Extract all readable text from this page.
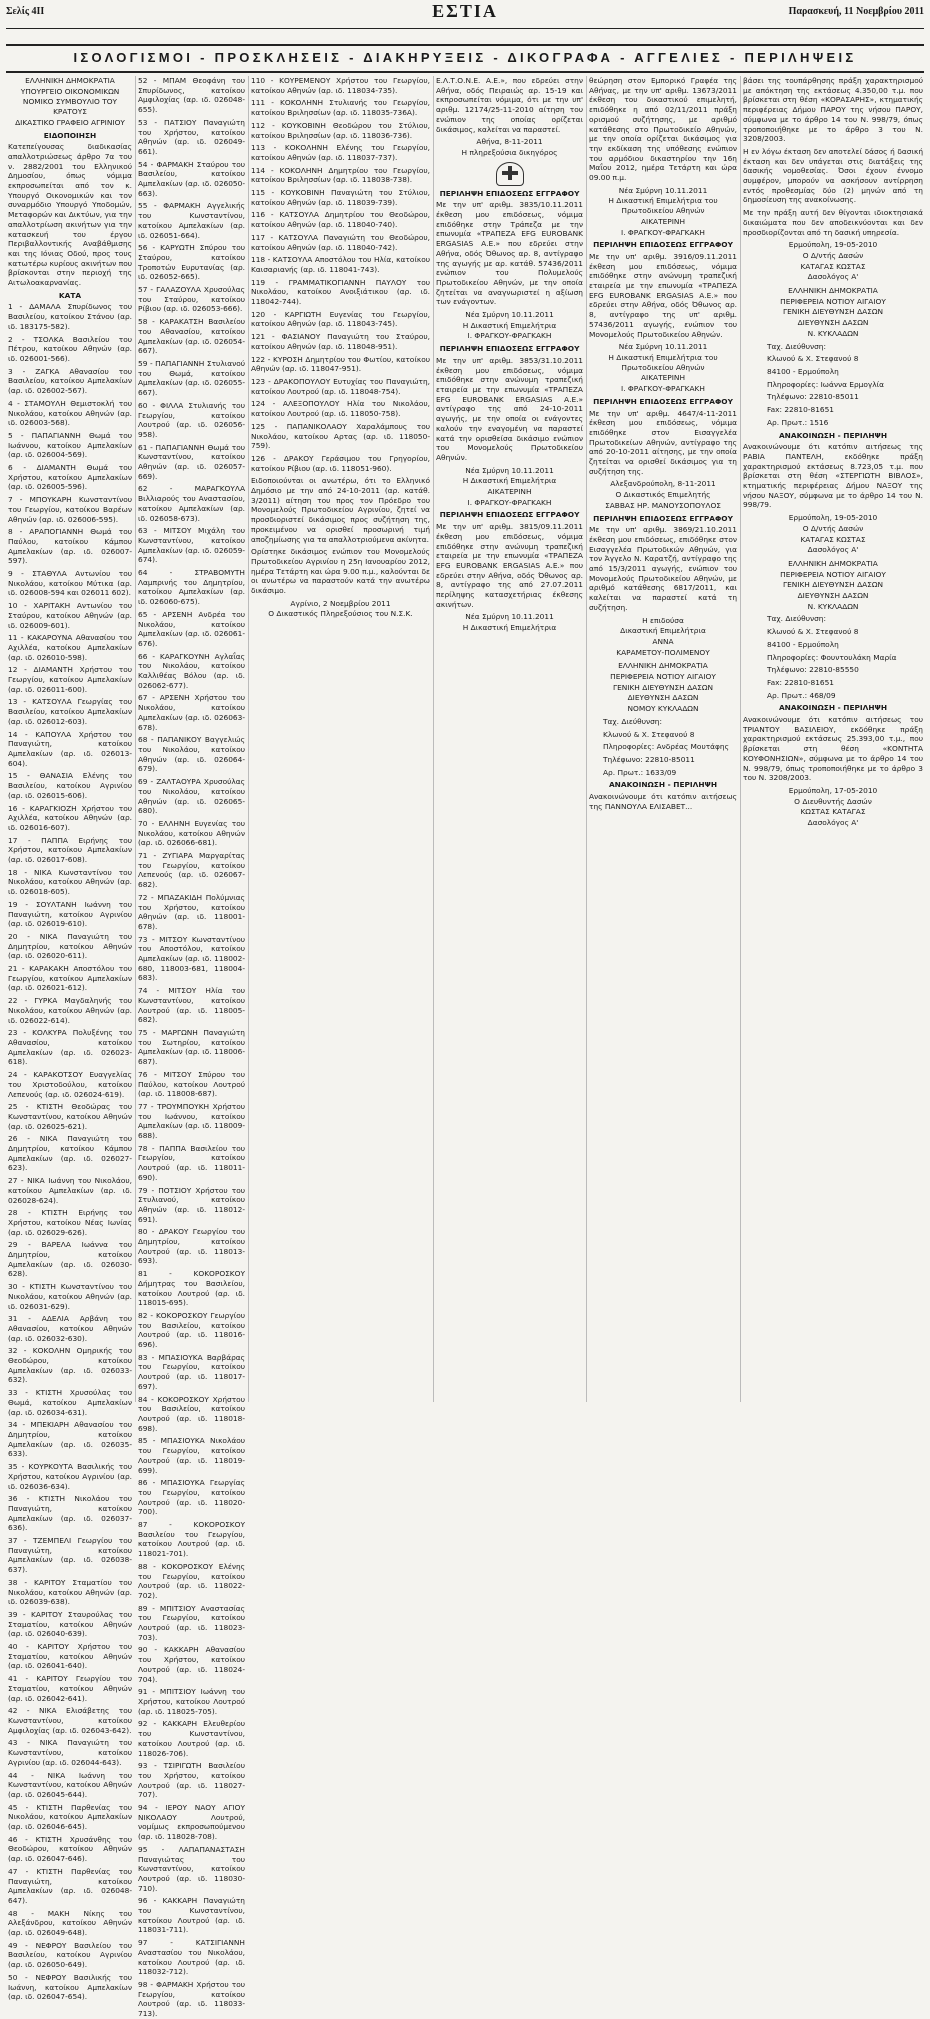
Σελίς 4ΙΙ	ΕΣΤΙΑ	Παρασκευή, 11 Νοεμβρίου 2011
ΙΣΟΛΟΓΙΣΜΟΙ - ΠΡΟΣΚΛΗΣΕΙΣ - ΔΙΑΚΗΡΥΞΕΙΣ - ΔΙΚΟΓΡΑΦΑ - ΑΓΓΕΛΙΕΣ - ΠΕΡΙΛΗΨΕΙΣ

ΕΛΛΗΝΙΚΗ ΔΗΜΟΚΡΑΤΙΑ

ΥΠΟΥΡΓΕΙΟ ΟΙΚΟΝΟΜΙΚΩΝ

ΝΟΜΙΚΟ ΣΥΜΒΟΥΛΙΟ ΤΟΥ ΚΡΑΤΟΥΣ

ΔΙΚΑΣΤΙΚΟ ΓΡΑΦΕΙΟ ΑΓΡΙΝΙΟΥ

ΕΙΔΟΠΟΙΗΣΗ

Κατεπείγουσας διαδικασίας απαλλοτριώσεως άρθρο 7α του ν. 2882/2001 του Ελληνικού Δημοσίου, όπως νόμιμα εκπροσωπείται από τον κ. Υπουργό Οικονομικών και τον συναρμόδιο Υπουργό Υποδομών, Μεταφορών και Δικτύων, για την απαλλοτρίωση ακινήτων για την κατασκευή του έργου Περιβαλλοντικής Αναβάθμισης και της Ιόνιας Οδού, προς τους κατωτέρω κυρίους ακινήτων που βρίσκονται στην περιοχή της Αιτωλοακαρνανίας.

ΚΑΤΑ

1 - ΔΑΜΑΛΑ Σπυρίδωνος του Βασιλείου, κατοίκου Στάνου (αρ. ιδ. 183175-582).

2 - ΤΣΟΛΚΑ Βασιλείου του Πέτρου, κατοίκου Αθηνών (αρ. ιδ. 026001-566).

3 - ΖΑΓΚΑ Αθανασίου του Βασιλείου, κατοίκου Αμπελακίων (αρ. ιδ. 026002-567).

4 - ΣΤΑΜΟΥΛΗ Θεμιστοκλή του Νικολάου, κατοίκου Αθηνών (αρ. ιδ. 026003-568).

5 - ΠΑΠΑΓΙΑΝΝΗ Θωμά του Ιωάννου, κατοίκου Αμπελακίων (αρ. ιδ. 026004-569).

6 - ΔΙΑΜΑΝΤΗ Θωμά του Χρήστου, κατοίκου Αμπελακίων (αρ. ιδ. 026005-596).

7 - ΜΠΟΥΚΑΡΗ Κωνσταντίνου του Γεωργίου, κατοίκου Βαρέων Αθηνών (αρ. ιδ. 026006-595).

8 - ΑΡΑΠΟΓΙΑΝΝΗ Θωμά του Παύλου, κατοίκου Κάμπου Αμπελακίων (αρ. ιδ. 026007-597).

9 - ΣΤΑΘΥΛΑ Αντωνίου του Νικολάου, κατοίκου Μύτικα (αρ. ιδ. 026008-594 και 026011 602).

10 - ΧΑΡΙΤΑΚΗ Αντωνίου του Σταύρου, κατοίκου Αθηνών (αρ. ιδ. 026009-601).

11 - ΚΑΚΑΡΟΥΝΑ Αθανασίου του Αχιλλέα, κατοίκου Αμπελακίων (αρ. ιδ. 026010-598).

12 - ΔΙΑΜΑΝΤΗ Χρήστου του Γεωργίου, κατοίκου Αμπελακίων (αρ. ιδ. 026011-600).

13 - ΚΑΤΣΟΥΛΑ Γεωργίας του Βασιλείου, κατοίκου Αμπελακίων (αρ. ιδ. 026012-603).

14 - ΚΑΠΟΥΛΑ Χρήστου του Παναγιώτη, κατοίκου Αμπελακίων (αρ. ιδ. 026013-604).

15 - ΘΑΝΑΣΙΑ Ελένης του Βασιλείου, κατοίκου Αγρινίου (αρ. ιδ. 026015-606).

16 - ΚΑΡΑΓΚΙΟΖΗ Χρήστου του Αχιλλέα, κατοίκου Αθηνών (αρ. ιδ. 026016-607).

17 - ΠΑΠΠΑ Ειρήνης του Χρήστου, κατοίκου Αμπελακίων (αρ. ιδ. 026017-608).

18 - ΝΙΚΑ Κωνσταντίνου του Νικολάου, κατοίκου Αθηνών (αρ. ιδ. 026018-605).

19 - ΣΟΥΛΤΑΝΗ Ιωάννη του Παναγιώτη, κατοίκου Αγρινίου (αρ. ιδ. 026019-610).

20 - ΝΙΚΑ Παναγιώτη του Δημητρίου, κατοίκου Αθηνών (αρ. ιδ. 026020-611).

21 - ΚΑΡΑΚΑΚΗ Αποστόλου του Γεωργίου, κατοίκου Αμπελακίων (αρ. ιδ. 026021-612).

22 - ΓΥΡΚΑ Μαγδαληνής του Νικολάου, κατοίκου Αθηνών (αρ. ιδ. 026022-614).

23 - ΚΟΛΚΥΡΑ Πολυξένης του Αθανασίου, κατοίκου Αμπελακίων (αρ. ιδ. 026023-618).

24 - ΚΑΡΑΚΟΤΣΟΥ Ευαγγελίας του Χριστοδούλου, κατοίκου Λεπενούς (αρ. ιδ. 026024-619).

25 - ΚΤΙΣΤΗ Θεοδώρας του Κωνσταντίνου, κατοίκου Αθηνών (αρ. ιδ. 026025-621).

26 - ΝΙΚΑ Παναγιώτη του Δημητρίου, κατοίκου Κάμπου Αμπελακίων (αρ. ιδ. 026027-623).

27 - ΝΙΚΑ Ιωάννη του Νικολάου, κατοίκου Αμπελακίων (αρ. ιδ. 026028-624).

28 - ΚΤΙΣΤΗ Ειρήνης του Χρήστου, κατοίκου Νέας Ιωνίας (αρ. ιδ. 026029-626).

29 - ΒΑΡΕΛΑ Ιωάννα του Δημητρίου, κατοίκου Αμπελακίων (αρ. ιδ. 026030-628).

30 - ΚΤΙΣΤΗ Κωνσταντίνου του Νικολάου, κατοίκου Αθηνών (αρ. ιδ. 026031-629).

31 - ΑΔΕΛΙΑ Αρβάνη του Αθανασίου, κατοίκου Αθηνών (αρ. ιδ. 026032-630).

32 - ΚΟΚΟΛΗΝ Ομηρικής του Θεοδώρου, κατοίκου Αμπελακίων (αρ. ιδ. 026033-632).

33 - ΚΤΙΣΤΗ Χρυσούλας του Θωμά, κατοίκου Αμπελακίων (αρ. ιδ. 026034-631).

34 - ΜΠΕΚΙΑΡΗ Αθανασίου του Δημητρίου, κατοίκου Αμπελακίων (αρ. ιδ. 026035-633).

35 - ΚΟΥΡΚΟΥΤΑ Βασιλικής του Χρήστου, κατοίκου Αγρινίου (αρ. ιδ. 026036-634).

36 - ΚΤΙΣΤΗ Νικολάου του Παναγιώτη, κατοίκου Αμπελακίων (αρ. ιδ. 026037-636).

37 - ΤΖΕΜΠΕΛΙ Γεωργίου του Παναγιώτη, κατοίκου Αμπελακίων (αρ. ιδ. 026038-637).

38 - ΚΑΡΙΤΟΥ Σταματίου του Νικολάου, κατοίκου Αθηνών (αρ. ιδ. 026039-638).

39 - ΚΑΡΙΤΟΥ Σταυρούλας του Σταματίου, κατοίκου Αθηνών (αρ. ιδ. 026040-639).

40 - ΚΑΡΙΤΟΥ Χρήστου του Σταματίου, κατοίκου Αθηνών (αρ. ιδ. 026041-640).

41 - ΚΑΡΙΤΟΥ Γεωργίου του Σταματίου, κατοίκου Αθηνών (αρ. ιδ. 026042-641).

42 - ΝΙΚΑ Ελισάβετης του Κωνσταντίνου, κατοίκου Αμφιλοχίας (αρ. ιδ. 026043-642).

43 - ΝΙΚΑ Παναγιώτη του Κωνσταντίνου, κατοίκου Αγρινίου (αρ. ιδ. 026044-643).

44 - ΝΙΚΑ Ιωάννη του Κωνσταντίνου, κατοίκου Αθηνών (αρ. ιδ. 026045-644).

45 - ΚΤΙΣΤΗ Παρθενίας του Νικολάου, κατοίκου Αμπελακίων (αρ. ιδ. 026046-645).

46 - ΚΤΙΣΤΗ Χρυσάνθης του Θεοδώρου, κατοίκου Αθηνών (αρ. ιδ. 026047-646).

47 - ΚΤΙΣΤΗ Παρθενίας του Παναγιώτη, κατοίκου Αμπελακίων (αρ. ιδ. 026048-647).

48 - ΜΑΚΗ Νίκης του Αλεξάνδρου, κατοίκου Αθηνών (αρ. ιδ. 026049-648).

49 - ΝΕΦΡΟΥ Βασιλείου του Βασιλείου, κατοίκου Αγρινίου (αρ. ιδ. 026050-649).

50 - ΝΕΦΡΟΥ Βασιλικής του Ιωάννη, κατοίκου Αμπελακίων (αρ. ιδ. 026047-654).

52 - ΜΠΑΜ Θεοφάνη του Σπυρίδωνος, κατοίκου Αμφιλοχίας (αρ. ιδ. 026048-655).

53 - ΠΑΤΣΙΟΥ Παναγιώτη του Χρήστου, κατοίκου Αθηνών (αρ. ιδ. 026049-661).

54 - ΦΑΡΜΑΚΗ Σταύρου του Βασιλείου, κατοίκου Αμπελακίων (αρ. ιδ. 026050-663).

55 - ΦΑΡΜΑΚΗ Αγγελικής του Κωνσταντίνου, κατοίκου Αμπελακίων (αρ. ιδ. 026051-664).

56 - ΚΑΡΥΩΤΗ Σπύρου του Σταύρου, κατοίκου Τροποτών Ευρυτανίας (αρ. ιδ. 026052-665).

57 - ΓΑΛΑΖΟΥΛΑ Χρυσούλας του Σταύρου, κατοίκου Ρίβιου (αρ. ιδ. 026053-666).

58 - ΚΑΡΑΚΑΤΣΗ Βασιλείου του Αθανασίου, κατοίκου Αμπελακίων (αρ. ιδ. 026054-667).

59 - ΠΑΠΑΓΙΑΝΝΗ Στυλιανού του Θωμά, κατοίκου Αμπελακίων (αρ. ιδ. 026055-667).

60 - ΦΙΛΛΑ Στυλιανής του Γεωργίου, κατοίκου Λουτρού (αρ. ιδ. 026056-958).

61 - ΠΑΠΑΓΙΑΝΝΗ Θωμά του Κωνσταντίνου, κατοίκου Αθηνών (αρ. ιδ. 026057-669).

62 - ΜΑΡΑΓΚΟΥΛΑ Βιλλιαρούς του Αναστασίου, κατοίκου Αμπελακίων (αρ. ιδ. 026058-673).

63 - ΜΙΤΣΟΥ Μιχάλη του Κωνσταντίνου, κατοίκου Αμπελακίων (αρ. ιδ. 026059-674).

64 - ΣΤΡΑΒΟΜΥΤΗ Λαμπρινής του Δημητρίου, κατοίκου Αμπελακίων (αρ. ιδ. 026060-675).

65 - ΑΡΣΕΝΗ Ανδρέα του Νικολάου, κατοίκου Αμπελακίων (αρ. ιδ. 026061-676).

66 - ΚΑΡΑΓΚΟΥΝΗ Αγλαΐας του Νικολάου, κατοίκου Καλλιθέας Βόλου (αρ. ιδ. 026062-677).

67 - ΑΡΣΕΝΗ Χρήστου του Νικολάου, κατοίκου Αμπελακίων (αρ. ιδ. 026063-678).

68 - ΠΑΠΑΝΙΚΟΥ Βαγγελιώς του Νικολάου, κατοίκου Αθηνών (αρ. ιδ. 026064-679).

69 - ΖΑΛΤΑΟΥΡΑ Χρυσούλας του Νικολάου, κατοίκου Αθηνών (αρ. ιδ. 026065-680).

70 - ΕΛΛΗΝΗ Ευγενίας του Νικολάου, κατοίκου Αθηνών (αρ. ιδ. 026066-681).

71 - ΖΥΓΙΑΡΑ Μαργαρίτας του Γεωργίου, κατοίκου Λεπενούς (αρ. ιδ. 026067-682).

72 - ΜΠΑΖΑΚΙΔΗ Πολύμνιας του Χρήστου, κατοίκου Αθηνών (αρ. ιδ. 118001-678).

73 - ΜΙΤΣΟΥ Κωνσταντίνου του Αποστόλου, κατοίκου Αμπελακίων (αρ. ιδ. 118002-680, 118003-681, 118004-683).

74 - ΜΙΤΣΟΥ Ηλία του Κωνσταντίνου, κατοίκου Λουτρού (αρ. ιδ. 118005-682).

75 - ΜΑΡΓΩΝΗ Παναγιώτη του Σωτηρίου, κατοίκου Αμπελακίων (αρ. ιδ. 118006-687).

76 - ΜΙΤΣΟΥ Σπύρου του Παύλου, κατοίκου Λουτρού (αρ. ιδ. 118008-687).

77 - ΤΡΟΥΜΠΟΥΚΗ Χρήστου του Ιωάννου, κατοίκου Αμπελακίων (αρ. ιδ. 118009-688).

78 - ΠΑΠΠΑ Βασιλείου του Γεωργίου, κατοίκου Λουτρού (αρ. ιδ. 118011-690).

79 - ΠΟΤΣΙΟΥ Χρήστου του Στυλιανού, κατοίκου Αθηνών (αρ. ιδ. 118012-691).

80 - ΔΡΑΚΟΥ Γεωργίου του Δημητρίου, κατοίκου Λουτρού (αρ. ιδ. 118013-693).

81 - ΚΟΚΟΡΟΣΚΟΥ Δήμητρας του Βασιλείου, κατοίκου Λουτρού (αρ. ιδ. 118015-695).

82 - ΚΟΚΟΡΟΣΚΟΥ Γεωργίου του Βασιλείου, κατοίκου Λουτρού (αρ. ιδ. 118016-696).

83 - ΜΠΑΣΙΟΥΚΑ Βαρβάρας του Γεωργίου, κατοίκου Λουτρού (αρ. ιδ. 118017-697).

84 - ΚΟΚΟΡΟΣΚΟΥ Χρήστου του Βασιλείου, κατοίκου Λουτρού (αρ. ιδ. 118018-698).

85 - ΜΠΑΣΙΟΥΚΑ Νικολάου του Γεωργίου, κατοίκου Λουτρού (αρ. ιδ. 118019-699).

86 - ΜΠΑΣΙΟΥΚΑ Γεωργίας του Γεωργίου, κατοίκου Λουτρού (αρ. ιδ. 118020-700).

87 - ΚΟΚΟΡΟΣΚΟΥ Βασιλείου του Γεωργίου, κατοίκου Λουτρού (αρ. ιδ. 118021-701).

88 - ΚΟΚΟΡΟΣΚΟΥ Ελένης του Γεωργίου, κατοίκου Λουτρού (αρ. ιδ. 118022-702).

89 - ΜΠΙΤΣΙΟΥ Αναστασίας του Γεωργίου, κατοίκου Λουτρού (αρ. ιδ. 118023-703).

90 - ΚΑΚΚΑΡΗ Αθανασίου του Χρήστου, κατοίκου Λουτρού (αρ. ιδ. 118024-704).

91 - ΜΠΙΤΣΙΟΥ Ιωάννη του Χρήστου, κατοίκου Λουτρού (αρ. ιδ. 118025-705).

92 - ΚΑΚΚΑΡΗ Ελευθερίου του Κωνσταντίνου, κατοίκου Λουτρού (αρ. ιδ. 118026-706).

93 - ΤΣΙΡΙΓΩΤΗ Βασιλείου του Χρήστου, κατοίκου Λουτρού (αρ. ιδ. 118027-707).

94 - ΙΕΡΟΥ ΝΑΟΥ ΑΓΙΟΥ ΝΙΚΟΛΑΟΥ Λουτρού, νομίμως εκπροσωπούμενου (αρ. ιδ. 118028-708).

95 - ΛΑΠΑΠΑΝΑΣΤΑΣΗ Παναγιώτας του Κωνσταντίνου, κατοίκου Λουτρού (αρ. ιδ. 118030-710).

96 - ΚΑΚΚΑΡΗ Παναγιώτη του Κωνσταντίνου, κατοίκου Λουτρού (αρ. ιδ. 118031-711).

97 - ΚΑΤΣΙΓΙΑΝΝΗ Αναστασίου του Νικολάου, κατοίκου Λουτρού (αρ. ιδ. 118032-712).

98 - ΦΑΡΜΑΚΗ Χρήστου του Γεωργίου, κατοίκου Λουτρού (αρ. ιδ. 118033-713).

110 - ΚΟΥΡΕΜΕΝΟΥ Χρήστου του Γεωργίου, κατοίκου Αθηνών (αρ. ιδ. 118034-735).

111 - ΚΟΚΟΛΗΝΗ Στυλιανής του Γεωργίου, κατοίκου Βριλησσίων (αρ. ιδ. 118035-736Α).

112 - ΚΟΥΚΟΒΙΝΗ Θεοδώρου του Στύλιου, κατοίκου Βριλησσίων (αρ. ιδ. 118036-736).

113 - ΚΟΚΟΛΗΝΗ Ελένης του Γεωργίου, κατοίκου Αθηνών (αρ. ιδ. 118037-737).

114 - ΚΟΚΟΛΗΝΗ Δημητρίου του Γεωργίου, κατοίκου Βριλησσίων (αρ. ιδ. 118038-738).

115 - ΚΟΥΚΟΒΙΝΗ Παναγιώτη του Στύλιου, κατοίκου Αθηνών (αρ. ιδ. 118039-739).

116 - ΚΑΤΣΟΥΛΑ Δημητρίου του Θεοδώρου, κατοίκου Αθηνών (αρ. ιδ. 118040-740).

117 - ΚΑΤΣΟΥΛΑ Παναγιώτη του Θεοδώρου, κατοίκου Αθηνών (αρ. ιδ. 118040-742).

118 - ΚΑΤΣΟΥΛΑ Αποστόλου του Ηλία, κατοίκου Καισαριανής (αρ. ιδ. 118041-743).

119 - ΓΡΑΜΜΑΤΙΚΟΓΙΑΝΝΗ ΠΑΥΛΟΥ του Νικολάου, κατοίκου Ανοιξιάτικου (αρ. ιδ. 118042-744).

120 - ΚΑΡΓΙΩΤΗ Ευγενίας του Γεωργίου, κατοίκου Αθηνών (αρ. ιδ. 118043-745).

121 - ΦΑΣΙΑΝΟΥ Παναγιώτη του Σταύρου, κατοίκου Αθηνών (αρ. ιδ. 118048-951).

122 - ΚΥΡΟΣΗ Δημητρίου του Φωτίου, κατοίκου Αθηνών (αρ. ιδ. 118047-951).

123 - ΔΡΑΚΟΠΟΥΛΟΥ Ευτυχίας του Παναγιώτη, κατοίκου Λουτρού (αρ. ιδ. 118048-754).

124 - ΑΛΕΞΟΠΟΥΛΟΥ Ηλία του Νικολάου, κατοίκου Λουτρού (αρ. ιδ. 118050-758).

125 - ΠΑΠΑΝΙΚΟΛΑΟΥ Χαραλάμπους του Νικολάου, κατοίκου Αρτας (αρ. ιδ. 118050-759).

126 - ΔΡΑΚΟΥ Γεράσιμου του Γρηγορίου, κατοίκου Ρίβιου (αρ. ιδ. 118051-960).

Ειδοποιούνται οι ανωτέρω, ότι το Ελληνικό Δημόσιο με την από 24-10-2011 (αρ. κατάθ. 3/2011) αίτηση του προς τον Πρόεδρο του Μονομελούς Πρωτοδικείου Αγρινίου, ζητεί να προσδιοριστεί δικάσιμος προς συζήτηση της, προκειμένου να ορισθεί προσωρινή τιμή αποζημίωσης για τα απαλλοτριούμενα ακίνητα.

Ορίστηκε δικάσιμος ενώπιον του Μονομελούς Πρωτοδικείου Αγρινίου η 25η Ιανουαρίου 2012, ημέρα Τετάρτη και ώρα 9.00 π.μ., καλούνται δε οι ανωτέρω να παραστούν κατά την ανωτέρω δικάσιμο.

Αγρίνιο, 2 Νοεμβρίου 2011

Ο Δικαστικός Πληρεξούσιος του Ν.Σ.Κ.

Ε.Λ.Τ.Ο.Ν.Ε. Α.Ε.», που εδρεύει στην Αθήνα, οδός Πειραιώς αρ. 15-19 και εκπροσωπείται νόμιμα, ότι με την υπ' αριθμ. 12174/25-11-2010 αίτηση του ενώπιον της οποίας ορίζεται δικάσιμος, καλείται να παραστεί.

Αθήνα, 8-11-2011

Η πληρεξούσια δικηγόρος

ΠΕΡΙΛΗΨΗ ΕΠΙΔΟΣΕΩΣ ΕΓΓΡΑΦΟΥ

Με την υπ' αριθμ. 3835/10.11.2011 έκθεση μου επιδόσεως, νόμιμα επιδόθηκε στην Τράπεζα με την επωνυμία «ΤΡΑΠΕΖΑ EFG EUROBANK ERGASIAS Α.Ε.» που εδρεύει στην Αθήνα, οδός Όθωνος αρ. 8, αντίγραφο της αγωγής με αρ. κατάθ. 57436/2011 ενώπιον του Πολυμελούς Πρωτοδικείου Αθηνών, με την οποία ζητείται να αναγνωριστεί η αξίωση των ενάγοντων.

Νέα Σμύρνη 10.11.2011

Η Δικαστική Επιμελήτρια

Ι. ΦΡΑΓΚΟΥ-ΦΡΑΓΚΑΚΗ

ΠΕΡΙΛΗΨΗ ΕΠΙΔΟΣΕΩΣ ΕΓΓΡΑΦΟΥ

Με την υπ' αριθμ. 3853/31.10.2011 έκθεση μου επιδόσεως, νόμιμα επιδόθηκε στην ανώνυμη τραπεζική εταιρεία με την επωνυμία «ΤΡΑΠΕΖΑ EFG EUROBANK ERGASIAS Α.Ε.» αντίγραφο της από 24-10-2011 αγωγής, με την οποία οι ενάγοντες καλούν την εναγομένη να παραστεί κατά την ορισθείσα δικάσιμο ενώπιον του Μονομελούς Πρωτοδικείου Αθηνών.

Νέα Σμύρνη 10.11.2011

Η Δικαστική Επιμελήτρια

ΑΙΚΑΤΕΡΙΝΗ

Ι. ΦΡΑΓΚΟΥ-ΦΡΑΓΚΑΚΗ

ΠΕΡΙΛΗΨΗ ΕΠΙΔΟΣΕΩΣ ΕΓΓΡΑΦΟΥ

Με την υπ' αριθμ. 3815/09.11.2011 έκθεση μου επιδόσεως, νόμιμα επιδόθηκε στην ανώνυμη τραπεζική εταιρεία με την επωνυμία «ΤΡΑΠΕΖΑ EFG EUROBANK ERGASIAS Α.Ε.» που εδρεύει στην Αθήνα, οδός Όθωνος αρ. 8, αντίγραφο της από 27.07.2011 περίληψης κατασχετήριας έκθεσης ακινήτων.

Νέα Σμύρνη 10.11.2011

Η Δικαστική Επιμελήτρια

θεώρηση στον Εμπορικό Γραφέα της Αθήνας, με την υπ' αριθμ. 13673/2011 έκθεση του δικαστικού επιμελητή, επιδόθηκε η από 02/11/2011 πράξη ορισμού συζήτησης, με αριθμό κατάθεσης στο Πρωτοδικείο Αθηνών, με την οποία ορίζεται δικάσιμος για την εκδίκαση της υπόθεσης ενώπιον του αρμόδιου δικαστηρίου την 16η Μαΐου 2012, ημέρα Τετάρτη και ώρα 09.00 π.μ.

Νέα Σμύρνη 10.11.2011

Η Δικαστική Επιμελήτρια του Πρωτοδικείου Αθηνών

ΑΙΚΑΤΕΡΙΝΗ

Ι. ΦΡΑΓΚΟΥ-ΦΡΑΓΚΑΚΗ

ΠΕΡΙΛΗΨΗ ΕΠΙΔΟΣΕΩΣ ΕΓΓΡΑΦΟΥ

Με την υπ' αριθμ. 3916/09.11.2011 έκθεση μου επιδόσεως, νόμιμα επιδόθηκε στην ανώνυμη τραπεζική εταιρεία με την επωνυμία «ΤΡΑΠΕΖΑ EFG EUROBANK ERGASIAS Α.Ε.» που εδρεύει στην Αθήνα, οδός Όθωνος αρ. 8, αντίγραφο της υπ' αριθμ. 57436/2011 αγωγής, ενώπιον του Μονομελούς Πρωτοδικείου Αθηνών.

Νέα Σμύρνη 10.11.2011

Η Δικαστική Επιμελήτρια του Πρωτοδικείου Αθηνών

ΑΙΚΑΤΕΡΙΝΗ

Ι. ΦΡΑΓΚΟΥ-ΦΡΑΓΚΑΚΗ

ΠΕΡΙΛΗΨΗ ΕΠΙΔΟΣΕΩΣ ΕΓΓΡΑΦΟΥ

Με την υπ' αριθμ. 4647/4-11-2011 έκθεση μου επιδόσεως, νόμιμα επιδόθηκε στον Εισαγγελέα Πρωτοδικείων Αθηνών, αντίγραφο της από 20-10-2011 αίτησης, με την οποία ζητείται να ορισθεί δικάσιμος για τη συζήτηση της.

Αλεξανδρούπολη, 8-11-2011

Ο Δικαστικός Επιμελητής

ΣΑΒΒΑΣ ΗΡ. ΜΑΝΟΥΣΟΠΟΥΛΟΣ

ΠΕΡΙΛΗΨΗ ΕΠΙΔΟΣΕΩΣ ΕΓΓΡΑΦΟΥ

Με την υπ' αριθμ. 3869/21.10.2011 έκθεση μου επιδόσεως, επιδόθηκε στον Εισαγγελέα Πρωτοδικών Αθηνών, για τον Άγγελο Ν. Καρατζή, αντίγραφο της από 15/3/2011 αγωγής, ενώπιον του Μονομελούς Πρωτοδικείου Αθηνών, με αριθμό κατάθεσης 6817/2011, και καλείται να παραστεί κατά τη συζήτηση.

Η επιδούσα

Δικαστική Επιμελήτρια

ΑΝΝΑ

ΚΑΡΑΜΕΤΟΥ-ΠΟΛΙΜΕΝΟΥ

ΕΛΛΗΝΙΚΗ ΔΗΜΟΚΡΑΤΙΑ

ΠΕΡΙΦΕΡΕΙΑ ΝΟΤΙΟΥ ΑΙΓΑΙΟΥ

ΓΕΝΙΚΗ ΔΙΕΥΘΥΝΣΗ ΔΑΣΩΝ

ΔΙΕΥΘΥΝΣΗ ΔΑΣΩΝ

ΝΟΜΟΥ ΚΥΚΛΑΔΩΝ

Ταχ. Διεύθυνση:

Κλωνού & Χ. Στεφανού 8

Πληροφορίες: Ανδρέας Μουτάφης

Τηλέφωνο: 22810-85011

Αρ. Πρωτ.: 1633/09

ΑΝΑΚΟΙΝΩΣΗ - ΠΕΡΙΛΗΨΗ

Ανακοινώνουμε ότι κατόπιν αιτήσεως της ΠΑΝΝΟΥΛΑ ΕΛΙΣΑΒΕΤ...

βάσει της τουπάρθησης πράξη χαρακτηρισμού με απόκτηση της εκτάσεως 4.350,00 τ.μ. που βρίσκεται στη θέση «ΚΟΡΑΣΑΡΗΣ», κτηματικής περιφέρειας Δήμου ΠΑΡΟΥ της νήσου ΠΑΡΟΥ, σύμφωνα με το άρθρο 14 του Ν. 998/79, όπως τροποποιήθηκε με το άρθρο 3 του Ν. 3208/2003.

Η εν λόγω έκταση δεν αποτελεί δάσος ή δασική έκταση και δεν υπάγεται στις διατάξεις της δασικής νομοθεσίας. Όσοι έχουν έννομο συμφέρον, μπορούν να ασκήσουν αντίρρηση εντός προθεσμίας δύο (2) μηνών από τη δημοσίευση της ανακοίνωσης.

Με την πράξη αυτή δεν θίγονται ιδιοκτησιακά δικαιώματα που δεν αποδεικνύονται και δεν προσδιορίζονται από τη δασική υπηρεσία.

Ερμούπολη, 19-05-2010

Ο Δ/ντής Δασών

ΚΑΤΑΓΑΣ ΚΩΣΤΑΣ

Δασολόγος Α'

ΕΛΛΗΝΙΚΗ ΔΗΜΟΚΡΑΤΙΑ

ΠΕΡΙΦΕΡΕΙΑ ΝΟΤΙΟΥ ΑΙΓΑΙΟΥ

ΓΕΝΙΚΗ ΔΙΕΥΘΥΝΣΗ ΔΑΣΩΝ

ΔΙΕΥΘΥΝΣΗ ΔΑΣΩΝ

Ν. ΚΥΚΛΑΔΩΝ

Ταχ. Διεύθυνση:

Κλωνού & Χ. Στεφανού 8

84100 - Ερμούπολη

Πληροφορίες: Ιωάννα Ερμογλία

Τηλέφωνο: 22810-85011

Fax: 22810-81651

Αρ. Πρωτ.: 1516

ΑΝΑΚΟΙΝΩΣΗ - ΠΕΡΙΛΗΨΗ

Ανακοινώνουμε ότι κατόπιν αιτήσεως της ΡΑΒΙΑ ΠΑΝΤΕΛΗ, εκδόθηκε πράξη χαρακτηρισμού εκτάσεως 8.723,05 τ.μ. που βρίσκεται στη θέση «ΣΤΕΡΓΙΩΤΗ ΒΙΒΛΟΣ», κτηματικής περιφέρειας Δήμου ΝΑΞΟΥ της νήσου ΝΑΞΟΥ, σύμφωνα με το άρθρο 14 του Ν. 998/79.

Ερμούπολη, 19-05-2010

Ο Δ/ντής Δασών

ΚΑΤΑΓΑΣ ΚΩΣΤΑΣ

Δασολόγος Α'

ΕΛΛΗΝΙΚΗ ΔΗΜΟΚΡΑΤΙΑ

ΠΕΡΙΦΕΡΕΙΑ ΝΟΤΙΟΥ ΑΙΓΑΙΟΥ

ΓΕΝΙΚΗ ΔΙΕΥΘΥΝΣΗ ΔΑΣΩΝ

ΔΙΕΥΘΥΝΣΗ ΔΑΣΩΝ

Ν. ΚΥΚΛΑΔΩΝ

Ταχ. Διεύθυνση:

Κλωνού & Χ. Στεφανού 8

84100 - Ερμούπολη

Πληροφορίες: Φουντουλάκη Μαρία

Τηλέφωνο: 22810-85550

Fax: 22810-81651

Αρ. Πρωτ.: 468/09

ΑΝΑΚΟΙΝΩΣΗ - ΠΕΡΙΛΗΨΗ

Ανακοινώνουμε ότι κατόπιν αιτήσεως του ΤΡΙΑΝΤΟΥ ΒΑΣΙΛΕΙΟΥ, εκδόθηκε πράξη χαρακτηρισμού εκτάσεως 25.393,00 τ.μ., που βρίσκεται στη θέση «ΚΟΝΤΗΤΑ ΚΟΥΦΟΝΗΣΙΩΝ», σύμφωνα με το άρθρο 14 του Ν. 998/79, όπως τροποποιήθηκε με το άρθρο 3 του Ν. 3208/2003.

Ερμούπολη, 17-05-2010

Ο Διευθυντής Δασών

ΚΩΣΤΑΣ ΚΑΤΑΓΑΣ

Δασολόγος Α'
